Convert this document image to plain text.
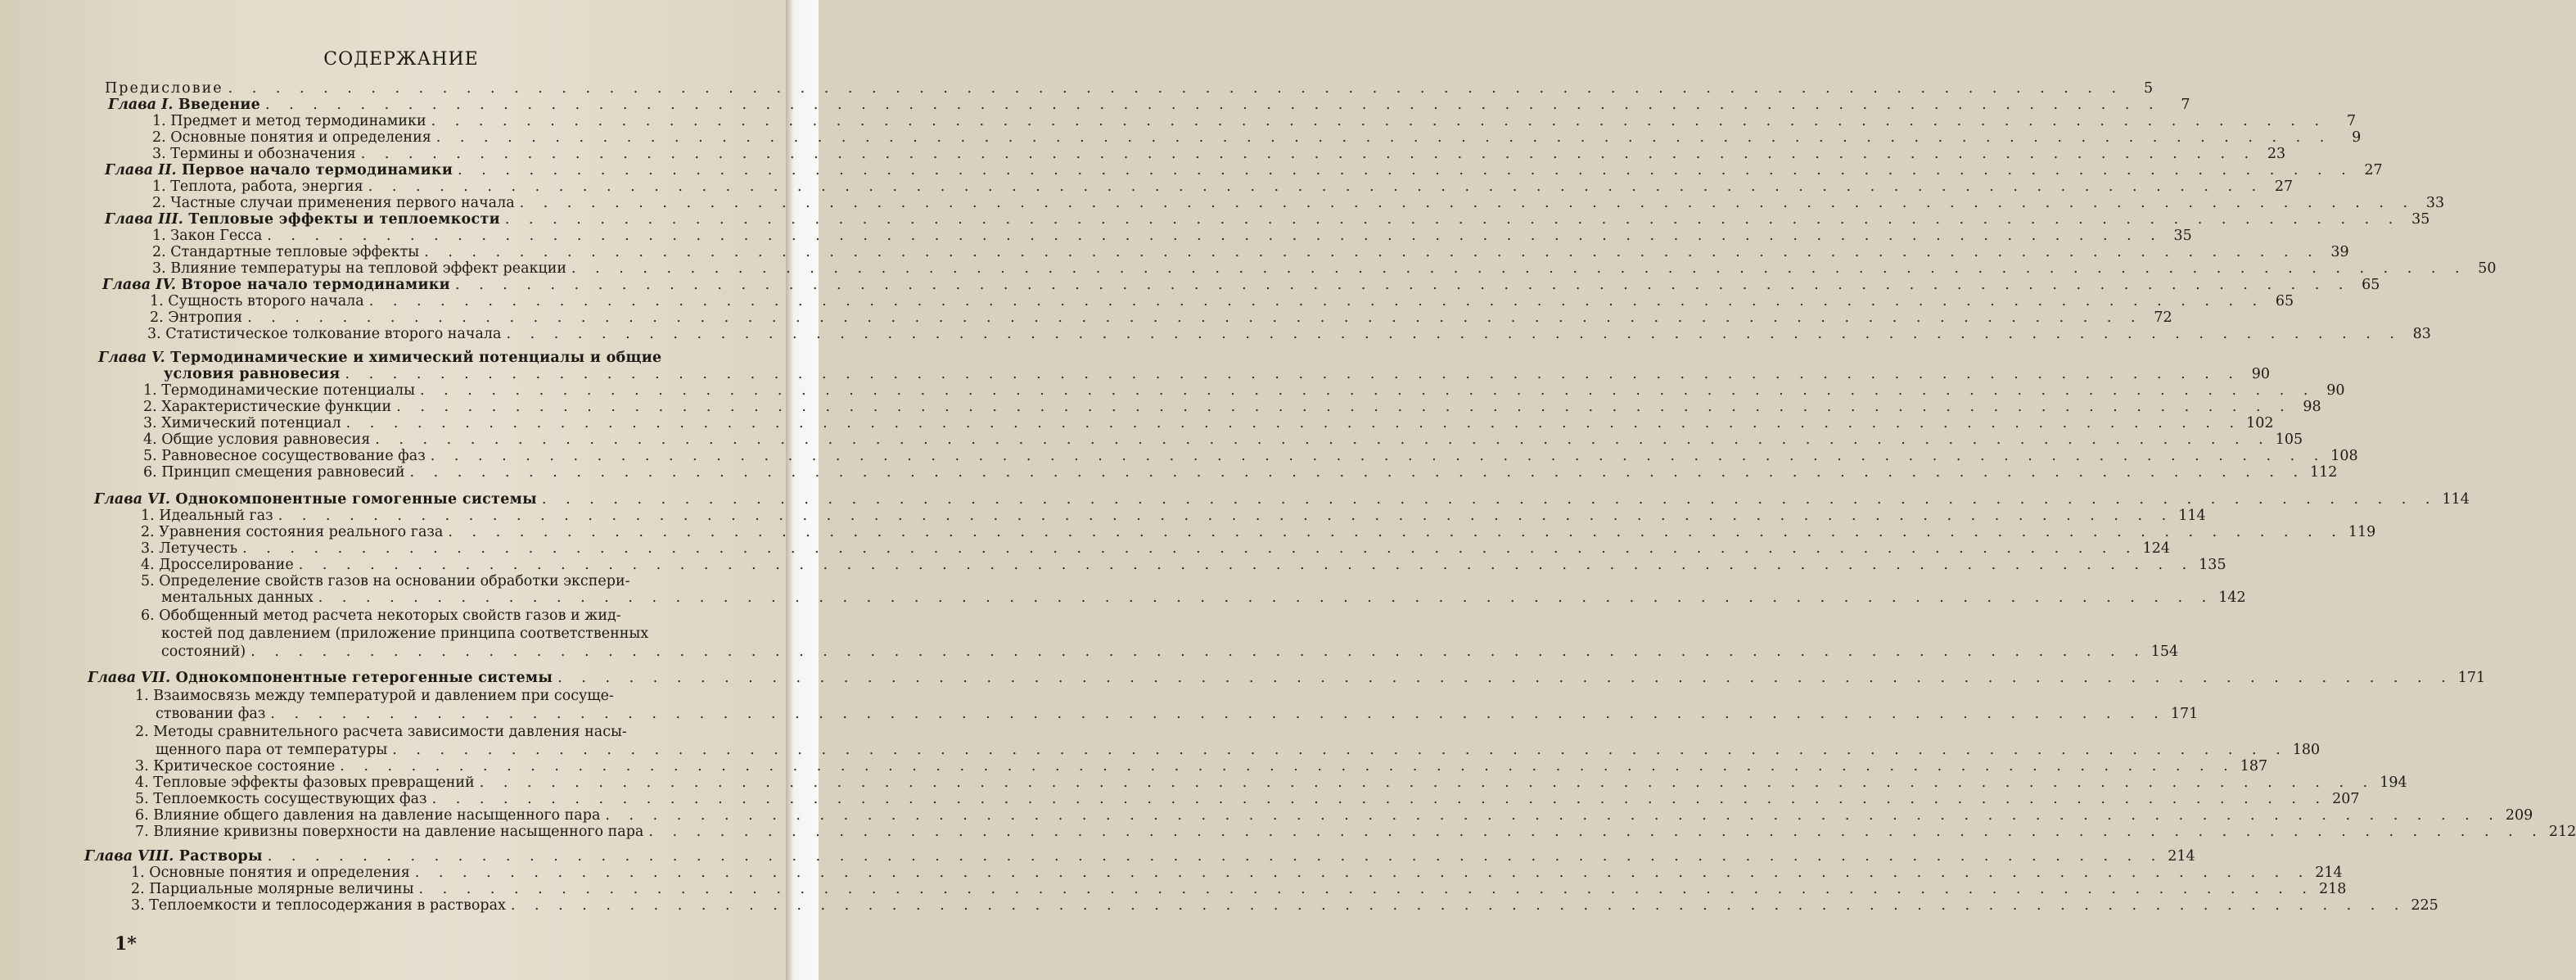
СОДЕРЖАНИЕ
Предисловие . . . . . . . . . . . . . . . . . . . . . . . . . . . . . . . . . . . . . . . . . . . . . . . . . . . . . . . . . . . . . . . . . . . . . . . . . . . . . . . .	5
Глава I. Введение . . . . . . . . . . . . . . . . . . . . . . . . . . . . . . . . . . . . . . . . . . . . . . . . . . . . . . . . . . . . . . . . . . . . . . . . . . . . . . . .	7
1. Предмет и метод термодинамики . . . . . . . . . . . . . . . . . . . . . . . . . . . . . . . . . . . . . . . . . . . . . . . . . . . . . . . . . . . . . . . . . . . . . . . . . . . . . . . .	7
2. Основные понятия и определения . . . . . . . . . . . . . . . . . . . . . . . . . . . . . . . . . . . . . . . . . . . . . . . . . . . . . . . . . . . . . . . . . . . . . . . . . . . . . . . .	9
3. Термины и обозначения . . . . . . . . . . . . . . . . . . . . . . . . . . . . . . . . . . . . . . . . . . . . . . . . . . . . . . . . . . . . . . . . . . . . . . . . . . . . . . . . 23
Глава II. Первое начало термодинамики . . . . . . . . . . . . . . . . . . . . . . . . . . . . . . . . . . . . . . . . . . . . . . . . . . . . . . . . . . . . . . . . . . . . . . . . . . . . . . . . 27
1. Теплота, работа, энергия . . . . . . . . . . . . . . . . . . . . . . . . . . . . . . . . . . . . . . . . . . . . . . . . . . . . . . . . . . . . . . . . . . . . . . . . . . . . . . . . 27
2. Частные случаи применения первого начала . . . . . . . . . . . . . . . . . . . . . . . . . . . . . . . . . . . . . . . . . . . . . . . . . . . . . . . . . . . . . . . . . . . . . . . . . . . . . . . . 33
Глава III. Тепловые эффекты и теплоемкости . . . . . . . . . . . . . . . . . . . . . . . . . . . . . . . . . . . . . . . . . . . . . . . . . . . . . . . . . . . . . . . . . . . . . . . . . . . . . . . . 35
1. Закон Гесса . . . . . . . . . . . . . . . . . . . . . . . . . . . . . . . . . . . . . . . . . . . . . . . . . . . . . . . . . . . . . . . . . . . . . . . . . . . . . . . . 35
2. Стандартные тепловые эффекты . . . . . . . . . . . . . . . . . . . . . . . . . . . . . . . . . . . . . . . . . . . . . . . . . . . . . . . . . . . . . . . . . . . . . . . . . . . . . . . . 39
3. Влияние температуры на тепловой эффект реакции . . . . . . . . . . . . . . . . . . . . . . . . . . . . . . . . . . . . . . . . . . . . . . . . . . . . . . . . . . . . . . . . . . . . . . . . . . . . . . . . 50
Глава IV. Второе начало термодинамики . . . . . . . . . . . . . . . . . . . . . . . . . . . . . . . . . . . . . . . . . . . . . . . . . . . . . . . . . . . . . . . . . . . . . . . . . . . . . . . . 65
1. Сущность второго начала . . . . . . . . . . . . . . . . . . . . . . . . . . . . . . . . . . . . . . . . . . . . . . . . . . . . . . . . . . . . . . . . . . . . . . . . . . . . . . . . 65
2. Энтропия . . . . . . . . . . . . . . . . . . . . . . . . . . . . . . . . . . . . . . . . . . . . . . . . . . . . . . . . . . . . . . . . . . . . . . . . . . . . . . . . 72
3. Статистическое толкование второго начала . . . . . . . . . . . . . . . . . . . . . . . . . . . . . . . . . . . . . . . . . . . . . . . . . . . . . . . . . . . . . . . . . . . . . . . . . . . . . . . . 83
Глава V. Термодинамические и химический потенциалы и общие
условия равновесия . . . . . . . . . . . . . . . . . . . . . . . . . . . . . . . . . . . . . . . . . . . . . . . . . . . . . . . . . . . . . . . . . . . . . . . . . . . . . . . . 90
1. Термодинамические потенциалы . . . . . . . . . . . . . . . . . . . . . . . . . . . . . . . . . . . . . . . . . . . . . . . . . . . . . . . . . . . . . . . . . . . . . . . . . . . . . . . . 90
2. Характеристические функции . . . . . . . . . . . . . . . . . . . . . . . . . . . . . . . . . . . . . . . . . . . . . . . . . . . . . . . . . . . . . . . . . . . . . . . . . . . . . . . . 98
3. Химический потенциал . . . . . . . . . . . . . . . . . . . . . . . . . . . . . . . . . . . . . . . . . . . . . . . . . . . . . . . . . . . . . . . . . . . . . . . . . . . . . . . . 102
4. Общие условия равновесия . . . . . . . . . . . . . . . . . . . . . . . . . . . . . . . . . . . . . . . . . . . . . . . . . . . . . . . . . . . . . . . . . . . . . . . . . . . . . . . . 105
5. Равновесное сосуществование фаз . . . . . . . . . . . . . . . . . . . . . . . . . . . . . . . . . . . . . . . . . . . . . . . . . . . . . . . . . . . . . . . . . . . . . . . . . . . . . . . . 108
6. Принцип смещения равновесий . . . . . . . . . . . . . . . . . . . . . . . . . . . . . . . . . . . . . . . . . . . . . . . . . . . . . . . . . . . . . . . . . . . . . . . . . . . . . . . . 112
Глава VI. Однокомпонентные гомогенные системы . . . . . . . . . . . . . . . . . . . . . . . . . . . . . . . . . . . . . . . . . . . . . . . . . . . . . . . . . . . . . . . . . . . . . . . . . . . . . . . . 114
1. Идеальный газ . . . . . . . . . . . . . . . . . . . . . . . . . . . . . . . . . . . . . . . . . . . . . . . . . . . . . . . . . . . . . . . . . . . . . . . . . . . . . . . . 114
2. Уравнения состояния реального газа . . . . . . . . . . . . . . . . . . . . . . . . . . . . . . . . . . . . . . . . . . . . . . . . . . . . . . . . . . . . . . . . . . . . . . . . . . . . . . . . 119
3. Летучесть . . . . . . . . . . . . . . . . . . . . . . . . . . . . . . . . . . . . . . . . . . . . . . . . . . . . . . . . . . . . . . . . . . . . . . . . . . . . . . . . 124
4. Дросселирование . . . . . . . . . . . . . . . . . . . . . . . . . . . . . . . . . . . . . . . . . . . . . . . . . . . . . . . . . . . . . . . . . . . . . . . . . . . . . . . . 135
5. Определение свойств газов на основании обработки экспери-
ментальных данных . . . . . . . . . . . . . . . . . . . . . . . . . . . . . . . . . . . . . . . . . . . . . . . . . . . . . . . . . . . . . . . . . . . . . . . . . . . . . . . . 142
6. Обобщенный метод расчета некоторых свойств газов и жид-
костей под давлением (приложение принципа соответственных
состояний) . . . . . . . . . . . . . . . . . . . . . . . . . . . . . . . . . . . . . . . . . . . . . . . . . . . . . . . . . . . . . . . . . . . . . . . . . . . . . . . . 154
Глава VII. Однокомпонентные гетерогенные системы . . . . . . . . . . . . . . . . . . . . . . . . . . . . . . . . . . . . . . . . . . . . . . . . . . . . . . . . . . . . . . . . . . . . . . . . . . . . . . . . 171
1. Взаимосвязь между температурой и давлением при сосуще-
ствовании фаз . . . . . . . . . . . . . . . . . . . . . . . . . . . . . . . . . . . . . . . . . . . . . . . . . . . . . . . . . . . . . . . . . . . . . . . . . . . . . . . . 171
2. Методы сравнительного расчета зависимости давления насы-
щенного пара от температуры . . . . . . . . . . . . . . . . . . . . . . . . . . . . . . . . . . . . . . . . . . . . . . . . . . . . . . . . . . . . . . . . . . . . . . . . . . . . . . . . 180
3. Критическое состояние . . . . . . . . . . . . . . . . . . . . . . . . . . . . . . . . . . . . . . . . . . . . . . . . . . . . . . . . . . . . . . . . . . . . . . . . . . . . . . . . 187
4. Тепловые эффекты фазовых превращений . . . . . . . . . . . . . . . . . . . . . . . . . . . . . . . . . . . . . . . . . . . . . . . . . . . . . . . . . . . . . . . . . . . . . . . . . . . . . . . . 194
5. Теплоемкость сосуществующих фаз . . . . . . . . . . . . . . . . . . . . . . . . . . . . . . . . . . . . . . . . . . . . . . . . . . . . . . . . . . . . . . . . . . . . . . . . . . . . . . . . 207
6. Влияние общего давления на давление насыщенного пара . . . . . . . . . . . . . . . . . . . . . . . . . . . . . . . . . . . . . . . . . . . . . . . . . . . . . . . . . . . . . . . . . . . . . . . . . . . . . . . . 209
7. Влияние кривизны поверхности на давление насыщенного пара . . . . . . . . . . . . . . . . . . . . . . . . . . . . . . . . . . . . . . . . . . . . . . . . . . . . . . . . . . . . . . . . . . . . . . . . . . . . . . . . 212
Глава VIII. Растворы . . . . . . . . . . . . . . . . . . . . . . . . . . . . . . . . . . . . . . . . . . . . . . . . . . . . . . . . . . . . . . . . . . . . . . . . . . . . . . . . 214
1. Основные понятия и определения . . . . . . . . . . . . . . . . . . . . . . . . . . . . . . . . . . . . . . . . . . . . . . . . . . . . . . . . . . . . . . . . . . . . . . . . . . . . . . . . 214
2. Парциальные молярные величины . . . . . . . . . . . . . . . . . . . . . . . . . . . . . . . . . . . . . . . . . . . . . . . . . . . . . . . . . . . . . . . . . . . . . . . . . . . . . . . . 218
3. Теплоемкости и теплосодержания в растворах . . . . . . . . . . . . . . . . . . . . . . . . . . . . . . . . . . . . . . . . . . . . . . . . . . . . . . . . . . . . . . . . . . . . . . . . . . . . . . . . 225
1*
